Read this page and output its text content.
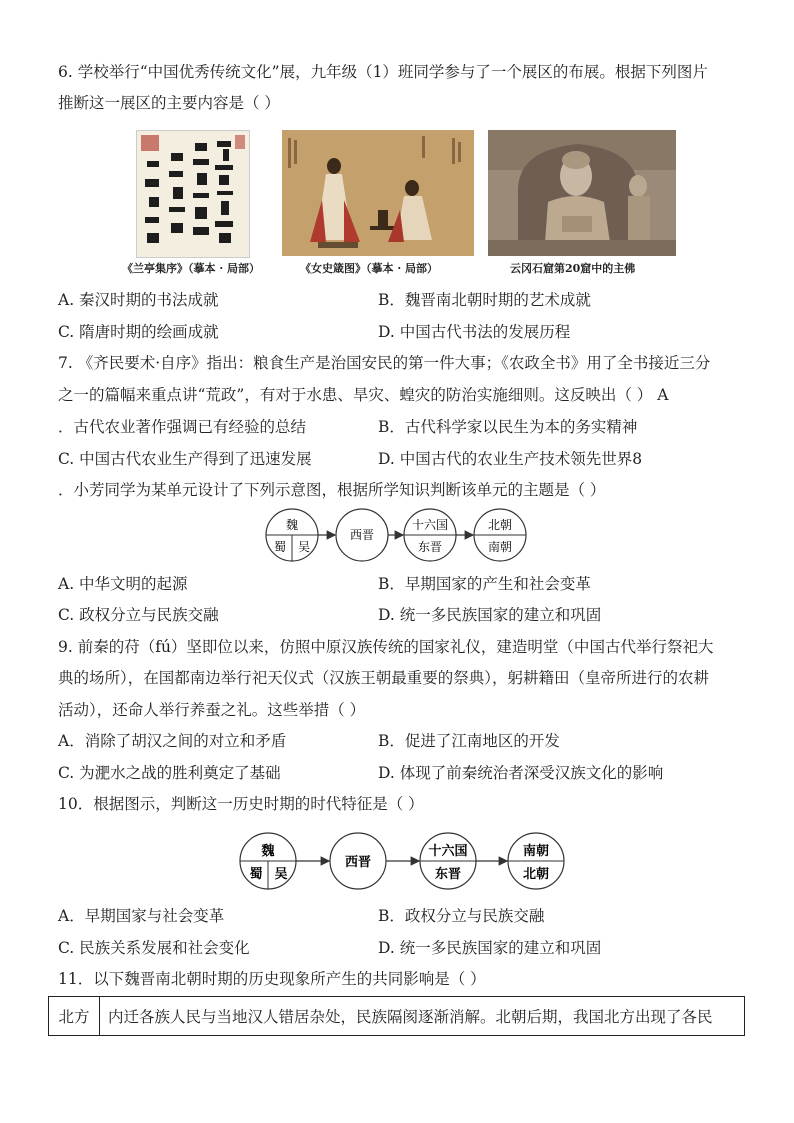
6. 学校举行“中国优秀传统文化”展，九年级（1）班同学参与了一个展区的布展。根据下列图片
推断这一展区的主要内容是（ ）
《兰亭集序》（摹本 · 局部）	《女史箴图》（摹本 · 局部）	云冈石窟第20窟中的主佛
A. 秦汉时期的书法成就	B．魏晋南北朝时期的艺术成就
C. 隋唐时期的绘画成就	D. 中国古代书法的发展历程
7. 《齐民要术·自序》指出：粮食生产是治国安民的第一件大事；《农政全书》用了全书接近三分
之一的篇幅来重点讲“荒政”，有对于水患、旱灾、蝗灾的防治实施细则。这反映出（ ） A
．古代农业著作强调已有经验的总结	B．古代科学家以民生为本的务实精神
C. 中国古代农业生产得到了迅速发展	D. 中国古代的农业生产技术领先世界8
．小芳同学为某单元设计了下列示意图，根据所学知识判断该单元的主题是（ ）
魏
蜀 吴
西晋
十六国
东晋
北朝
南朝
A. 中华文明的起源	B．早期国家的产生和社会变革
C. 政权分立与民族交融	D. 统一多民族国家的建立和巩固
9. 前秦的苻（fú）坚即位以来，仿照中原汉族传统的国家礼仪，建造明堂（中国古代举行祭祀大
典的场所），在国都南边举行祀天仪式（汉族王朝最重要的祭典），躬耕籍田（皇帝所进行的农耕
活动），还命人举行养蚕之礼。这些举措（ ）
A．消除了胡汉之间的对立和矛盾	B．促进了江南地区的开发
C. 为淝水之战的胜利奠定了基础	D. 体现了前秦统治者深受汉族文化的影响
10．根据图示，判断这一历史时期的时代特征是（ ）
魏
蜀 吴
西晋
十六国
东晋
南朝
北朝
A．早期国家与社会变革	B．政权分立与民族交融
C. 民族关系发展和社会变化	D. 统一多民族国家的建立和巩固
11．以下魏晋南北朝时期的历史现象所产生的共同影响是（ ）
北方	内迁各族人民与当地汉人错居杂处，民族隔阂逐渐消解。北朝后期，我国北方出现了各民
